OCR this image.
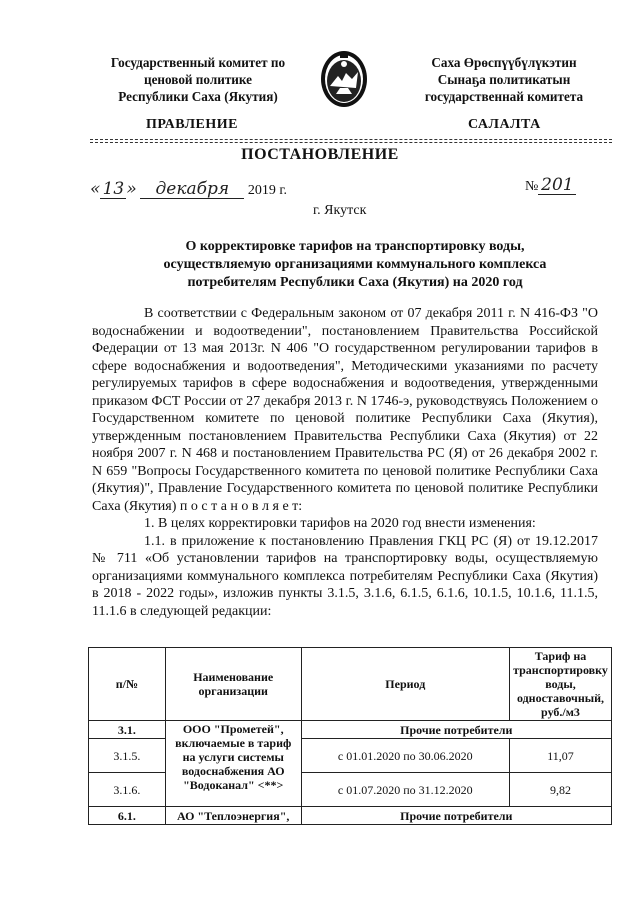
Государственный комитет по
ценовой политике
Республики Саха (Якутия)
Саха Өрөспүүбүлүкэтин
Сынаҕа политикатын
государственнай комитета
ПРАВЛЕНИЕ	САЛАЛТА
ПОСТАНОВЛЕНИЕ
« 13 » декабря 2019 г.	№ 201
г. Якутск
О корректировке тарифов на транспортировку воды,
осуществляемую организациями коммунального комплекса
потребителям Республики Саха (Якутия) на 2020 год

В соответствии с Федеральным законом от 07 декабря 2011 г. N 416-ФЗ "О водоснабжении и водоотведении", постановлением Правительства Российской Федерации от 13 мая 2013г. N 406 "О государственном регулировании тарифов в сфере водоснабжения и водоотведения", Методическими указаниями по расчету регулируемых тарифов в сфере водоснабжения и водоотведения, утвержденными приказом ФСТ России от 27 декабря 2013 г. N 1746-э, руководствуясь Положением о Государственном комитете по ценовой политике Республики Саха (Якутия), утвержденным постановлением Правительства Республики Саха (Якутия) от 22 ноября 2007 г. N 468 и постановлением Правительства РС (Я) от 26 декабря 2002 г. N 659 "Вопросы Государственного комитета по ценовой политике Республики Саха (Якутия)", Правление Государственного комитета по ценовой политике Республики Саха (Якутия) п о с т а н о в л я е т:

1. В целях корректировки тарифов на 2020 год внести изменения:

1.1. в приложение к постановлению Правления ГКЦ РС (Я) от 19.12.2017 № 711 «Об установлении тарифов на транспортировку воды, осуществляемую организациями коммунального комплекса потребителям Республики Саха (Якутия) в 2018 - 2022 годы», изложив пункты 3.1.5, 3.1.6, 6.1.5, 6.1.6, 10.1.5, 10.1.6, 11.1.5, 11.1.6 в следующей редакции:

п/№	Наименование организации	Период	Тариф на транспортировку воды, одноставочный, руб./м3
3.1.	ООО "Прометей", включаемые в тариф на услуги системы водоснабжения АО "Водоканал" <**>	Прочие потребители	
3.1.5.		с 01.01.2020 по 30.06.2020	11,07
3.1.6.		с 01.07.2020 по 31.12.2020	9,82
6.1.	АО "Теплоэнергия",	Прочие потребители	
